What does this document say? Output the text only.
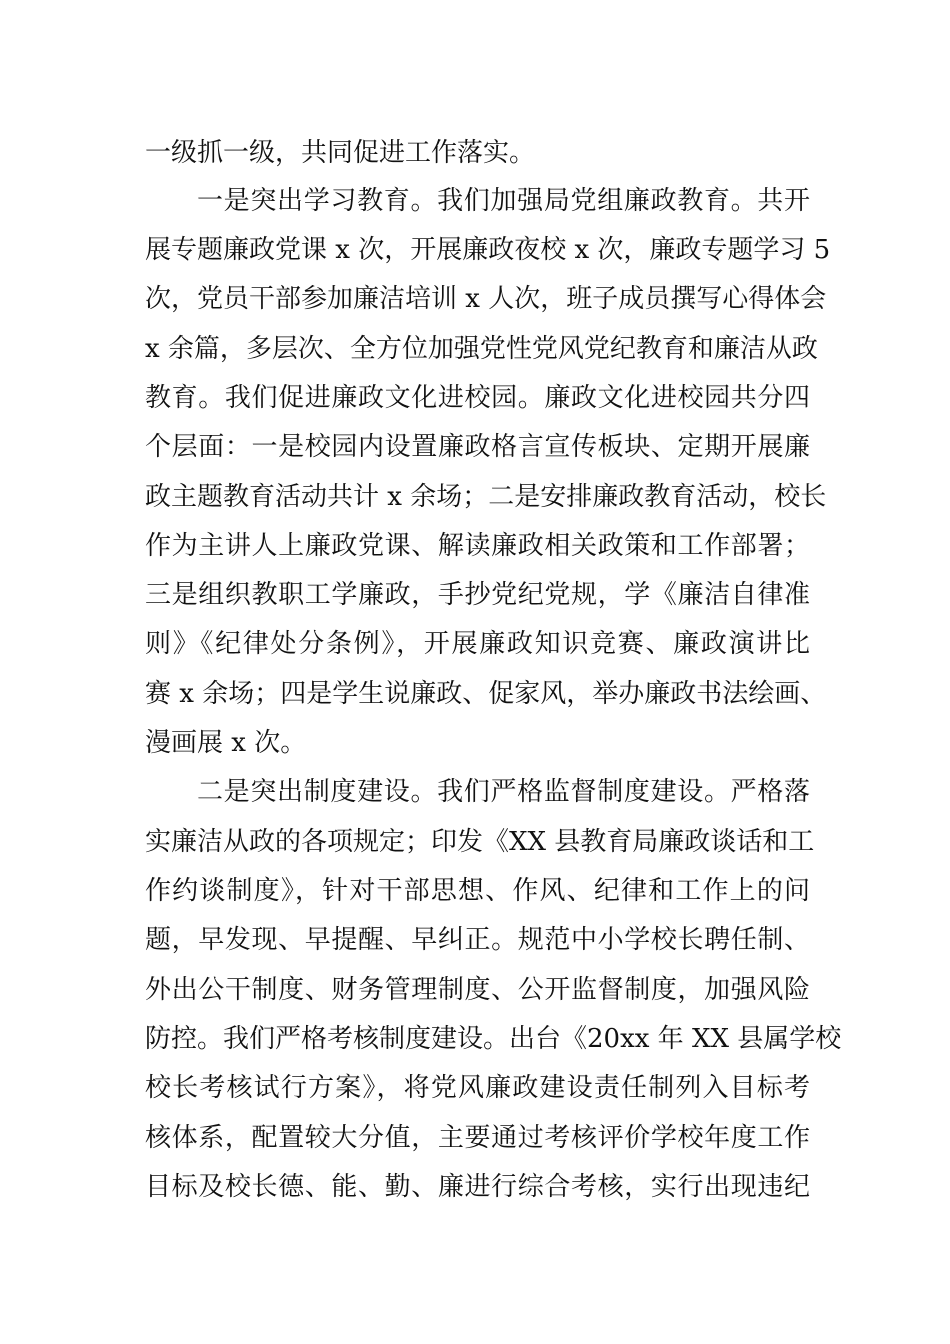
一级抓一级，共同促进工作落实。
一是突出学习教育。我们加强局党组廉政教育。共开
展专题廉政党课 x 次，开展廉政夜校 x 次，廉政专题学习 5
次，党员干部参加廉洁培训 x 人次，班子成员撰写心得体会
x 余篇，多层次、全方位加强党性党风党纪教育和廉洁从政
教育。我们促进廉政文化进校园。廉政文化进校园共分四
个层面：一是校园内设置廉政格言宣传板块、定期开展廉
政主题教育活动共计 x 余场；二是安排廉政教育活动，校长
作为主讲人上廉政党课、解读廉政相关政策和工作部署；
三是组织教职工学廉政，手抄党纪党规，学《廉洁自律准
则》《纪律处分条例》，开展廉政知识竞赛、廉政演讲比
赛 x 余场；四是学生说廉政、促家风，举办廉政书法绘画、
漫画展 x 次。
二是突出制度建设。我们严格监督制度建设。严格落
实廉洁从政的各项规定；印发《XX 县教育局廉政谈话和工
作约谈制度》，针对干部思想、作风、纪律和工作上的问
题，早发现、早提醒、早纠正。规范中小学校长聘任制、
外出公干制度、财务管理制度、公开监督制度，加强风险
防控。我们严格考核制度建设。出台《20xx 年 XX 县属学校
校长考核试行方案》，将党风廉政建设责任制列入目标考
核体系，配置较大分值，主要通过考核评价学校年度工作
目标及校长德、能、勤、廉进行综合考核，实行出现违纪
